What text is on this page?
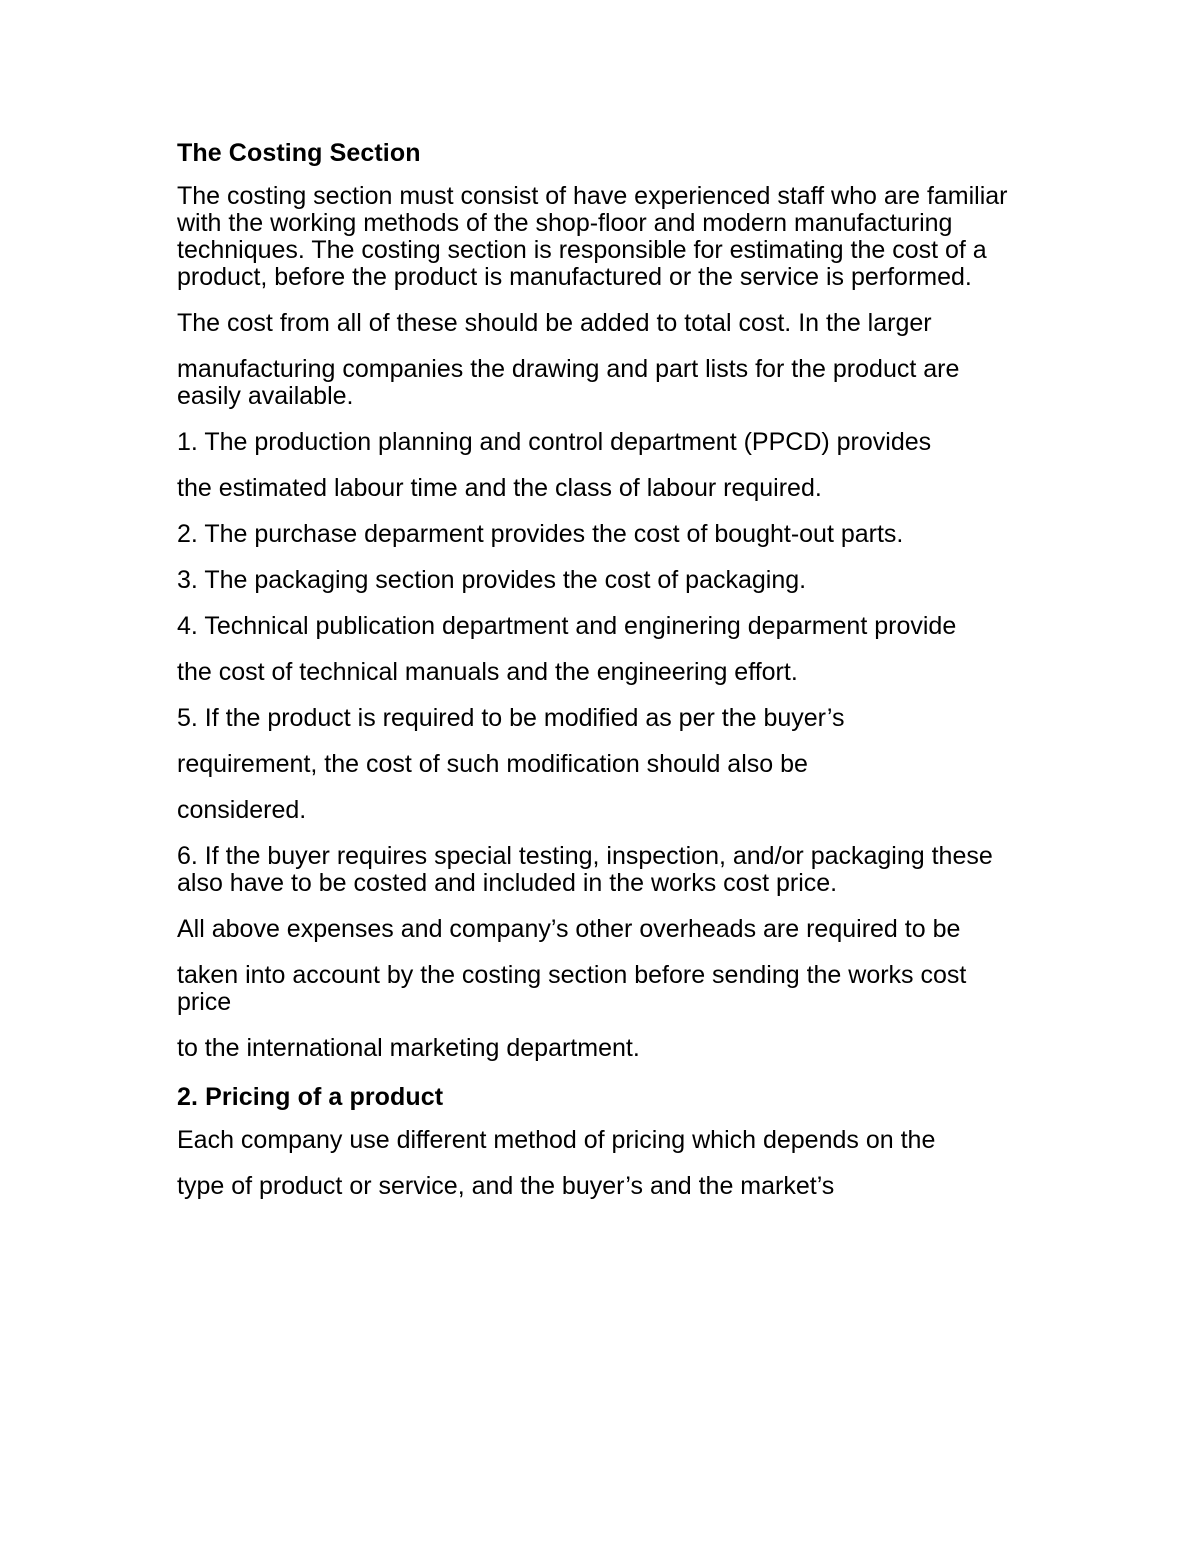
The Costing Section

The costing section must consist of have experienced staff who are familiar with the working methods of the shop-floor and modern manufacturing techniques. The costing section is responsible for estimating the cost of a product, before the product is manufactured or the service is performed.

The cost from all of these should be added to total cost. In the larger

manufacturing companies the drawing and part lists for the product are easily available.

1. The production planning and control department (PPCD) provides

the estimated labour time and the class of labour required.

2. The purchase deparment provides the cost of bought-out parts.

3. The packaging section provides the cost of packaging.

4. Technical publication department and enginering deparment provide

the cost of technical manuals and the engineering effort.

5. If the product is required to be modified as per the buyer’s

requirement, the cost of such modification should also be

considered.

6. If the buyer requires special testing, inspection, and/or packaging these also have to be costed and included in the works cost price.

All above expenses and company’s other overheads are required to be

taken into account by the costing section before sending the works cost price

to the international marketing department.

2. Pricing of a product

Each company use different method of pricing which depends on the

type of product or service, and the buyer’s and the market’s
